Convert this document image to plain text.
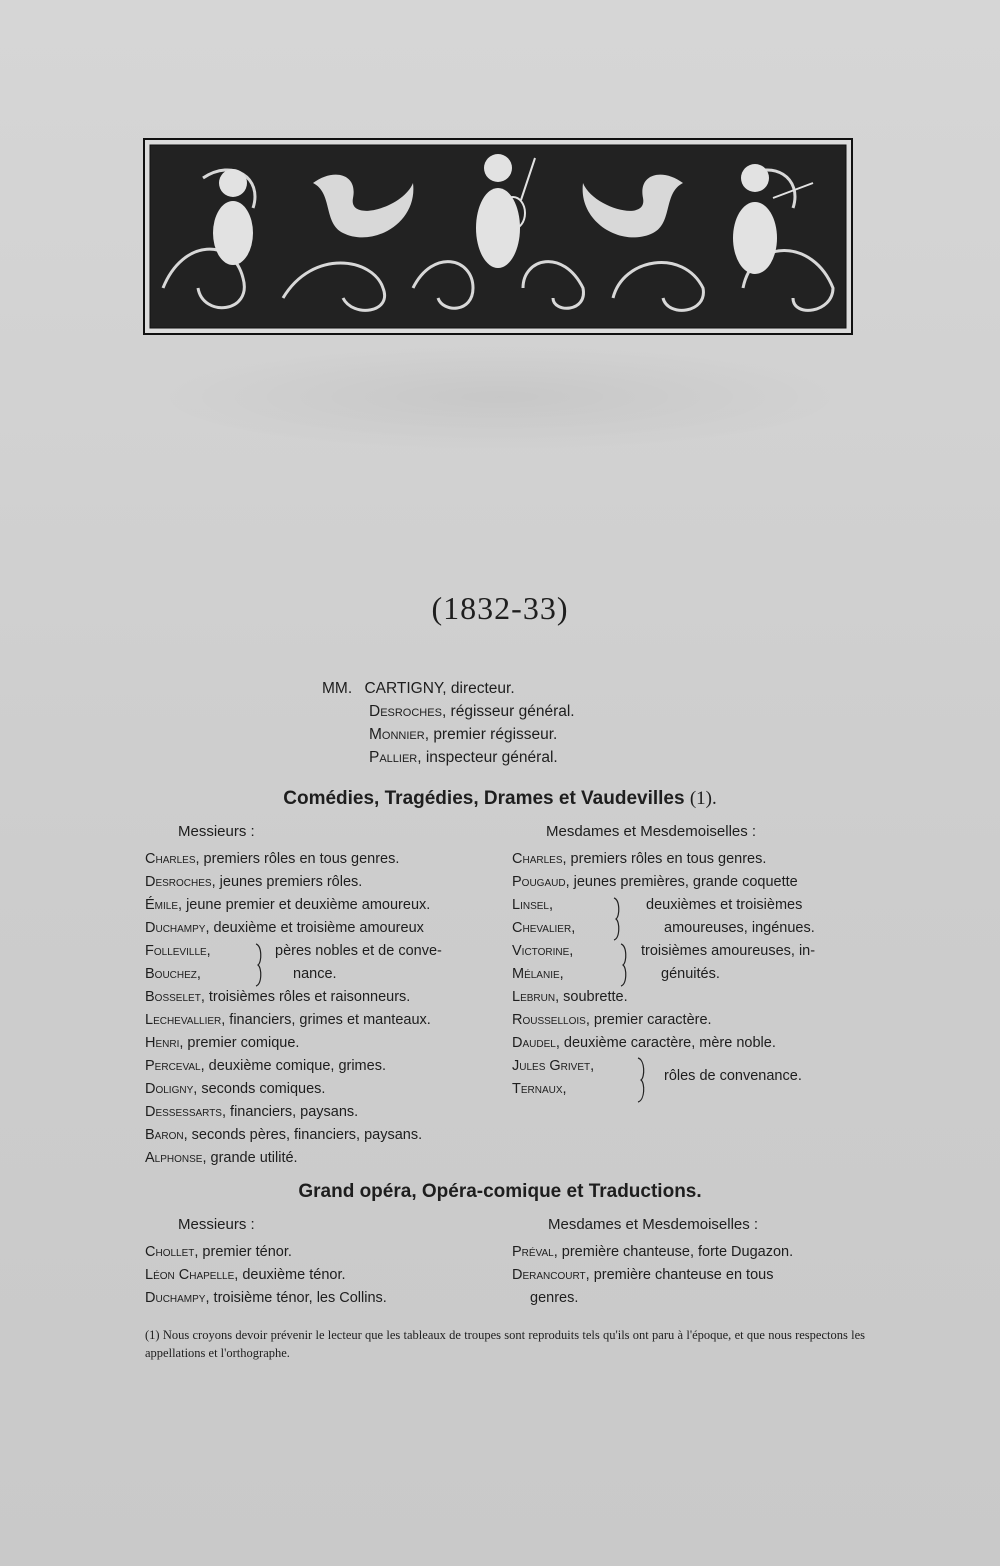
(1832-33)
MM. CARTIGNY, directeur.
Desroches, régisseur général.
Monnier, premier régisseur.
Pallier, inspecteur général.
Comédies, Tragédies, Drames et Vaudevilles (1).
Messieurs :	Mesdames et Mesdemoiselles :
Charles, premiers rôles en tous genres.
Desroches, jeunes premiers rôles.
Émile, jeune premier et deuxième amoureux.
Duchampy, deuxième et troisième amoureux
Folleville,	pères nobles et de conve-
Bouchez,	nance.
Bosselet, troisièmes rôles et raisonneurs.
Lechevallier, financiers, grimes et manteaux.
Henri, premier comique.
Perceval, deuxième comique, grimes.
Doligny, seconds comiques.
Dessessarts, financiers, paysans.
Baron, seconds pères, financiers, paysans.
Alphonse, grande utilité.
Charles, premiers rôles en tous genres.
Pougaud, jeunes premières, grande coquette
Linsel,	deuxièmes et troisièmes
Chevalier,	amoureuses, ingénues.
Victorine,	troisièmes amoureuses, in-
Mélanie,	génuités.
Lebrun, soubrette.
Roussellois, premier caractère.
Daudel, deuxième caractère, mère noble.
Jules Grivet,
Ternaux,
rôles de convenance.
Grand opéra, Opéra-comique et Traductions.
Messieurs :	Mesdames et Mesdemoiselles :
Chollet, premier ténor.
Léon Chapelle, deuxième ténor.
Duchampy, troisième ténor, les Collins.
Préval, première chanteuse, forte Dugazon.
Derancourt, première chanteuse en tous
genres.
(1) Nous croyons devoir prévenir le lecteur que les tableaux de troupes sont reproduits tels qu'ils ont paru à l'époque, et que nous respectons les appellations et l'orthographe.
